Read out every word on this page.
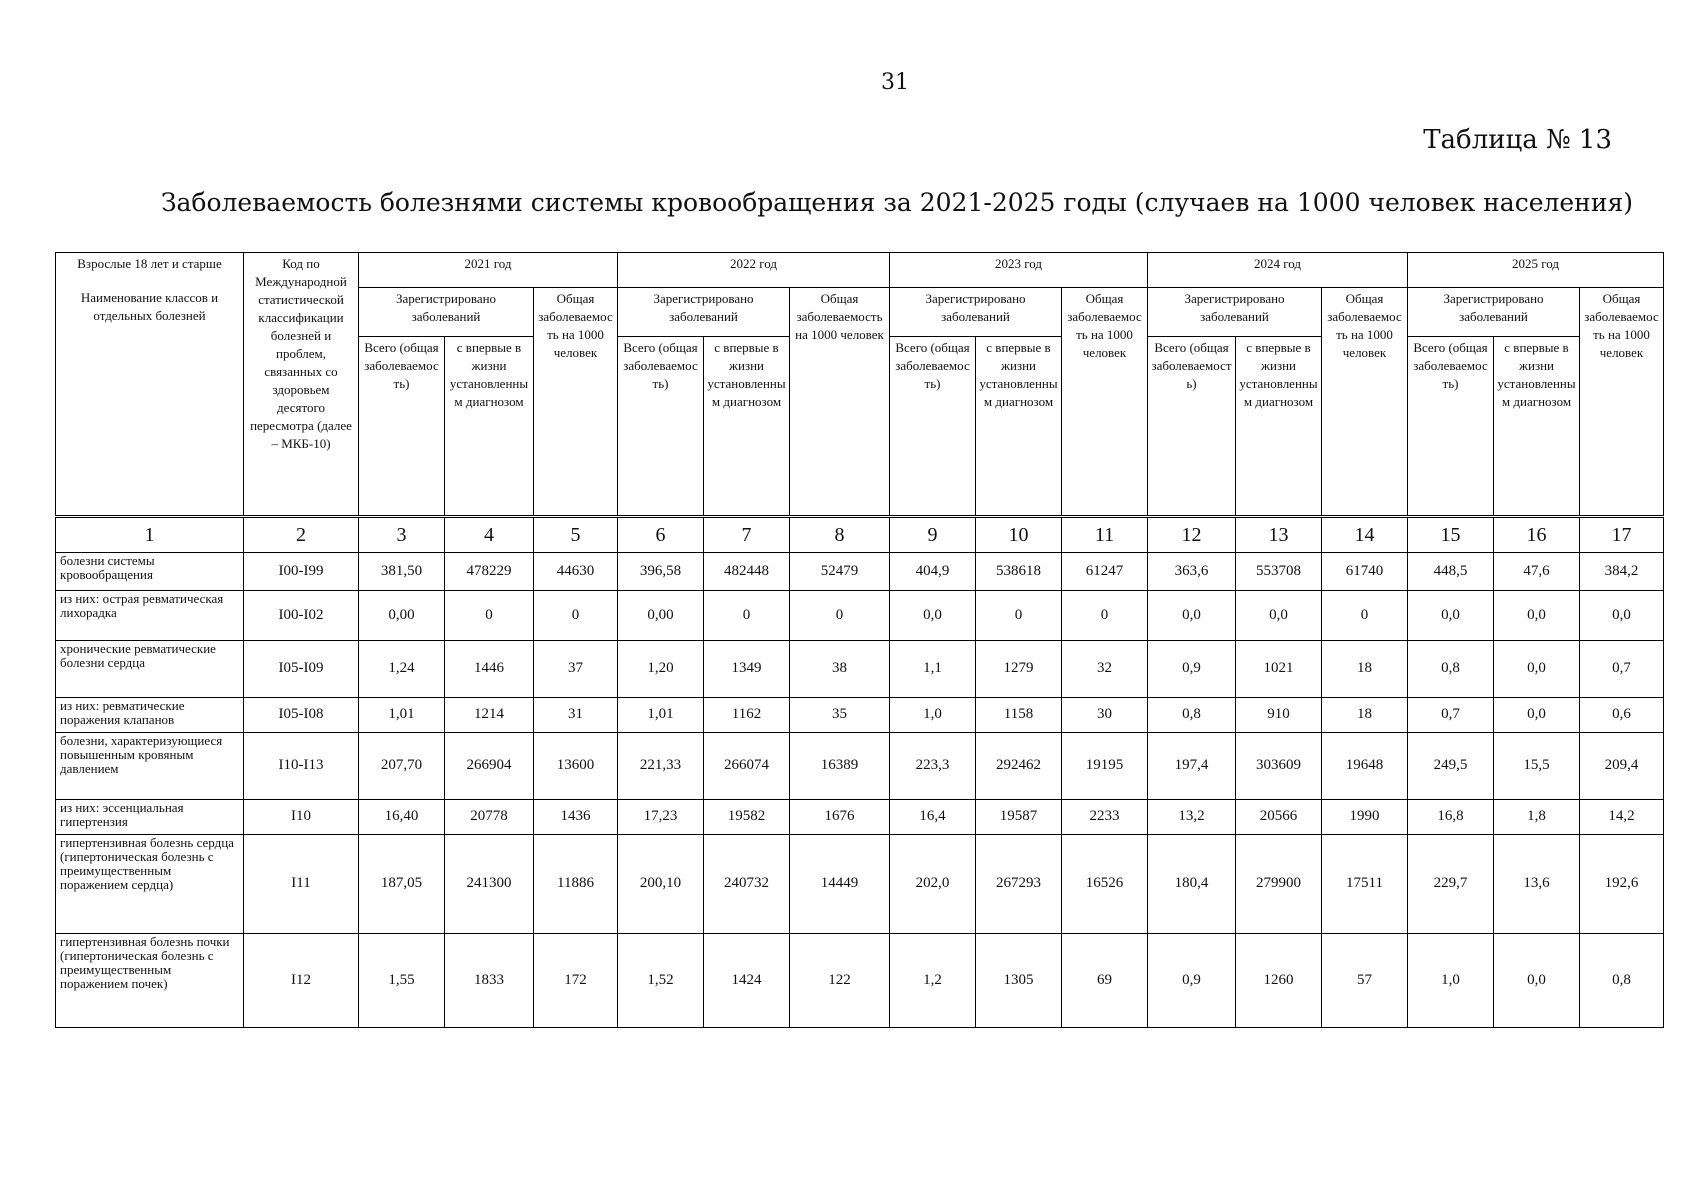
31
Таблица № 13
Заболеваемость болезнями системы кровообращения за 2021-2025 годы (случаев на 1000 человек населения)
Взрослые 18 лет и старше	Код по Международной статистической классификации болезней и проблем, связанных со здоровьем десятого пересмотра (далее – МКБ-10)	2021 год			2022 год			2023 год			2024 год			2025 год		
Наименование классов и отдельных болезней		Зарегистрировано заболеваний		Общая заболеваемость на 1000 человек	Зарегистрировано заболеваний		Общая заболеваемость на 1000 человек	Зарегистрировано заболеваний		Общая заболеваемость на 1000 человек	Зарегистрировано заболеваний		Общая заболеваемость на 1000 человек	Зарегистрировано заболеваний		Общая заболеваемость на 1000 человек
		Всего (общая заболеваемость)	с впервые в жизни установленным диагнозом		Всего (общая заболеваемость)	с впервые в жизни установленным диагнозом		Всего (общая заболеваемость)	с впервые в жизни установленным диагнозом		Всего (общая заболеваемость)	с впервые в жизни установленным диагнозом		Всего (общая заболеваемость)	с впервые в жизни установленным диагнозом	
1	2	3	4	5	6	7	8	9	10	11	12	13	14	15	16	17
болезни системы кровообращения	I00-I99	381,50	478229	44630	396,58	482448	52479	404,9	538618	61247	363,6	553708	61740	448,5	47,6	384,2
из них: острая ревматическая лихорадка	I00-I02	0,00	0	0	0,00	0	0	0,0	0	0	0,0	0,0	0	0,0	0,0	0,0
хронические ревматические болезни сердца	I05-I09	1,24	1446	37	1,20	1349	38	1,1	1279	32	0,9	1021	18	0,8	0,0	0,7
из них: ревматические поражения клапанов	I05-I08	1,01	1214	31	1,01	1162	35	1,0	1158	30	0,8	910	18	0,7	0,0	0,6
болезни, характеризующиеся повышенным кровяным давлением	I10-I13	207,70	266904	13600	221,33	266074	16389	223,3	292462	19195	197,4	303609	19648	249,5	15,5	209,4
из них: эссенциальная гипертензия	I10	16,40	20778	1436	17,23	19582	1676	16,4	19587	2233	13,2	20566	1990	16,8	1,8	14,2
гипертензивная болезнь сердца (гипертоническая болезнь с преимущественным поражением сердца)	I11	187,05	241300	11886	200,10	240732	14449	202,0	267293	16526	180,4	279900	17511	229,7	13,6	192,6
гипертензивная болезнь почки (гипертоническая болезнь с преимущественным поражением почек)	I12	1,55	1833	172	1,52	1424	122	1,2	1305	69	0,9	1260	57	1,0	0,0	0,8
